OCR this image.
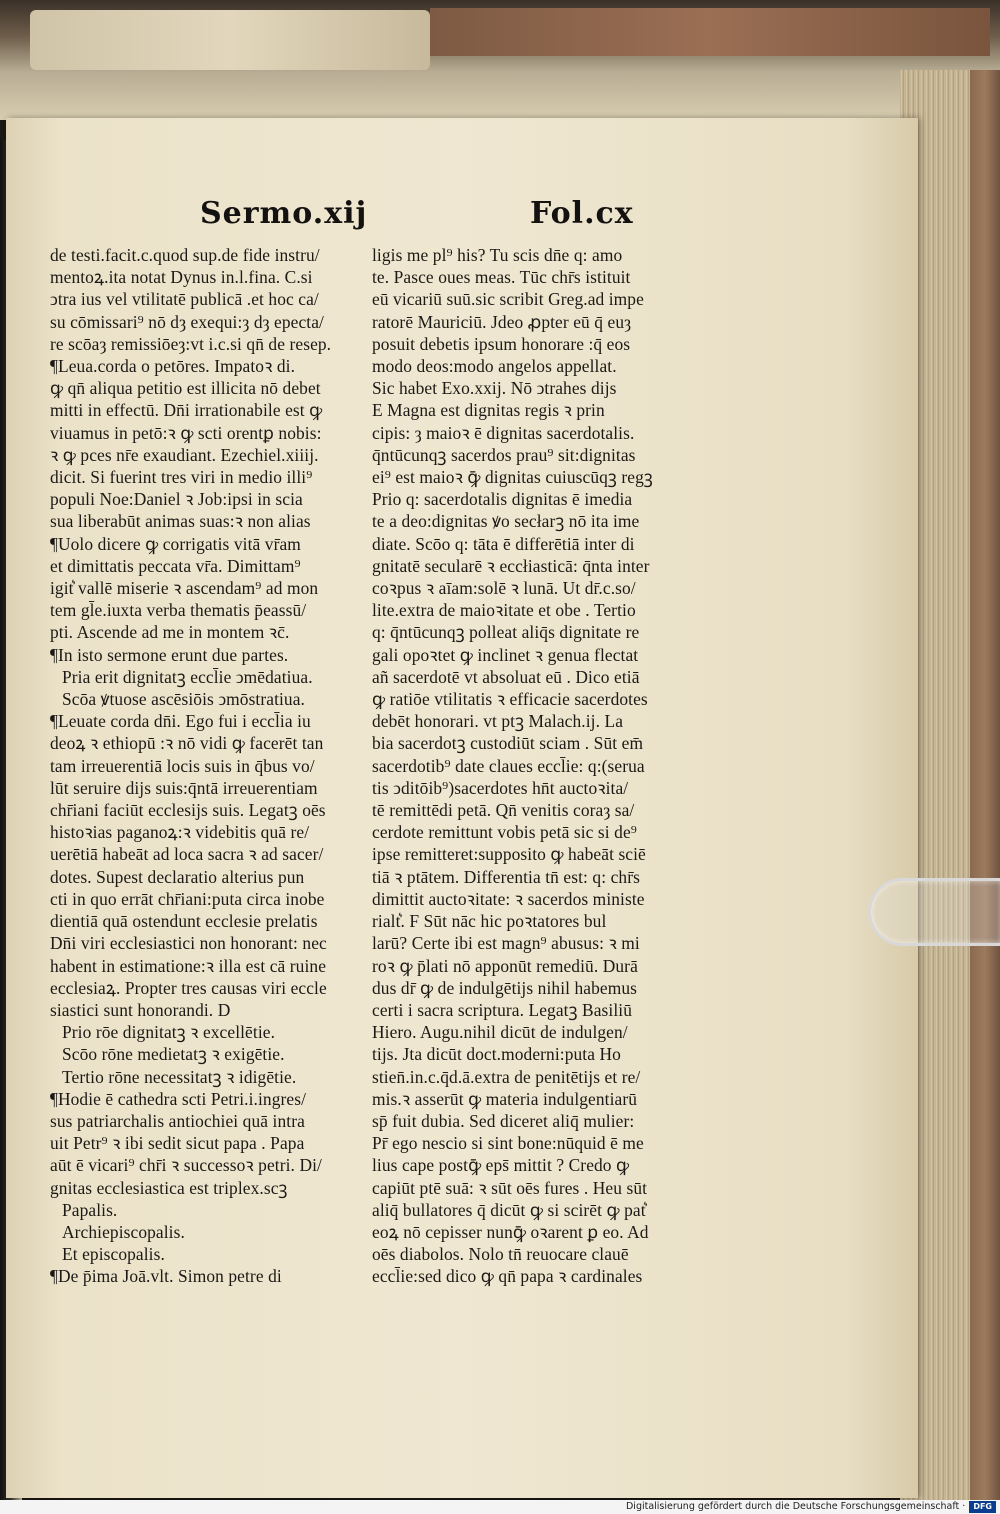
Sermo.xij	Fol.cx
de testi.facit.c.quod sup.de fide instru/
mentoꝝ.ita notat Dynus in.l.fina. C.si
ↄtra ius vel vtilitatē publicā .et hoc ca/
su cōmissari⁹ nō dȝ exequi:ȝ dȝ epecta/
re scōaȝ remissiōeȝ:vt i.c.si qn̄ de resep.
¶Leua.corda o petōres. Impatoꝛ di.
ꝙ qn̄ aliqua petitio est illicita nō debet
mitti in effectū. Dn̄i irrationabile est ꝙ
viuamus in petō:ꝛ ꝙ scti orentꝑ nobis:
ꝛ ꝙ pces nr̄e exaudiant. Ezechiel.xiiij.
dicit. Si fuerint tres viri in medio illi⁹
populi Noe:Daniel ꝛ Job:ipsi in scia
sua liberabūt animas suas:ꝛ non alias
¶Uolo dicere ꝙ corrigatis vitā vr̄am
et dimittatis peccata vr̄a. Dimittam⁹
igit͛ vallē miserie ꝛ ascendam⁹ ad mon
tem gl̄e.iuxta verba thematis p̄eassū/
pti. Ascende ad me in montem ꝛc̄.
¶In isto sermone erunt due partes.
Pria erit dignitatꝫ eccl̄ie ↄmēdatiua.
Scōa ꝟtuose ascēsiōis ↄmōstratiua.
¶Leuate corda dn̄i. Ego fui i eccl̄ia iu
deoꝝ ꝛ ethiopū :ꝛ nō vidi ꝙ facerēt tan
tam irreuerentiā locis suis in q̄bus vo/
lūt seruire dijs suis:q̄ntā irreuerentiam
chr̄iani faciūt ecclesijs suis. Legatꝫ oēs
histoꝛias paganoꝝ:ꝛ videbitis quā re/
uerētiā habeāt ad loca sacra ꝛ ad sacer/
dotes. Supest declaratio alterius pun
cti in quo errāt chr̄iani:puta circa inobe
dientiā quā ostendunt ecclesie prelatis
Dn̄i viri ecclesiastici non honorant: nec
habent in estimatione:ꝛ illa est cā ruine
ecclesiaꝝ. Propter tres causas viri eccle
siastici sunt honorandi. D
Prio rōe dignitatꝫ ꝛ excellētie.
Scōo rōne medietatꝫ ꝛ exigētie.
Tertio rōne necessitatꝫ ꝛ idigētie.
¶Hodie ē cathedra scti Petri.i.ingres/
sus patriarchalis antiochiei quā intra
uit Petr⁹ ꝛ ibi sedit sicut papa . Papa
aūt ē vicari⁹ chr̄i ꝛ successoꝛ petri. Di/
gnitas ecclesiastica est triplex.scꝫ
Papalis.
Archiepiscopalis.
Et episcopalis.
¶De p̄ima Joā.vlt. Simon petre di
ligis me pl⁹ his? Tu scis dn̄e q: amo
te. Pasce oues meas. Tūc chr̄s istituit
eū vicariū suū.sic scribit Greg.ad impe
ratorē Mauriciū. Jdeo ꝓpter eū q̄ euȝ
posuit debetis ipsum honorare :q̄ eos
modo deos:modo angelos appellat.
Sic habet Exo.xxij. Nō ↄtrahes dijs
E Magna est dignitas regis ꝛ prin
cipis: ȝ maioꝛ ē dignitas sacerdotalis.
q̄ntūcunqꝫ sacerdos prau⁹ sit:dignitas
ei⁹ est maioꝛ ꝙ̄ dignitas cuiuscūqꝫ regꝫ
Prio q: sacerdotalis dignitas ē imedia
te a deo:dignitas ꝟo secłarꝫ nō ita ime
diate. Scōo q: tāta ē differētiā inter di
gnitatē secularē ꝛ eccłiasticā: q̄nta inter
coꝛpus ꝛ aīam:solē ꝛ lunā. Ut dr̄.c.so/
lite.extra de maioꝛitate et obe . Tertio
q: q̄ntūcunqꝫ polleat aliq̄s dignitate re
gali opoꝛtet ꝙ inclinet ꝛ genua flectat
añ sacerdotē vt absoluat eū . Dico etiā
ꝙ ratiōe vtilitatis ꝛ efficacie sacerdotes
debēt honorari. vt ptꝫ Malach.ij. La
bia sacerdotꝫ custodiūt sciam . Sūt em̄
sacerdotib⁹ date claues eccl̄ie: q:(serua
tis ↄditōib⁹)sacerdotes hn̄t auctoꝛita/
tē remittēdi petā. Qn̄ venitis coraȝ sa/
cerdote remittunt vobis petā sic si de⁹
ipse remitteret:supposito ꝙ habeāt sciē
tiā ꝛ ptātem. Differentia tn̄ est: q: chr̄s
dimittit auctoꝛitate: ꝛ sacerdos ministe
rialt͛. F Sūt nāc hic poꝛtatores bul
larū? Certe ibi est magn⁹ abusus: ꝛ mi
roꝛ ꝙ p̄lati nō apponūt remediū. Durā
dus dr̄ ꝙ de indulgētijs nihil habemus
certi i sacra scriptura. Legatꝫ Basiliū
Hiero. Augu.nihil dicūt de indulgen/
tijs. Jta dicūt doct.moderni:puta Ho
stien̄.in.c.q̄d.ā.extra de penitētijs et re/
mis.ꝛ asserūt ꝙ materia indulgentiarū
sp̄ fuit dubia. Sed diceret aliq̄ mulier:
Pr̄ ego nescio si sint bone:nūquid ē me
lius cape postꝙ̄ eps̄ mittit ? Credo ꝙ
capiūt ptē suā: ꝛ sūt oēs fures . Heu sūt
aliq̄ bullatores q̄ dicūt ꝙ si scirēt ꝙ pat͛
eoꝝ nō cepisser nunꝙ̄ oꝛarent ꝑ eo. Ad
oēs diabolos. Nolo tn̄ reuocare clauē
eccl̄ie:sed dico ꝙ qn̄ papa ꝛ cardinales
Digitalisierung gefördert durch die Deutsche Forschungsgemeinschaft · DFG
